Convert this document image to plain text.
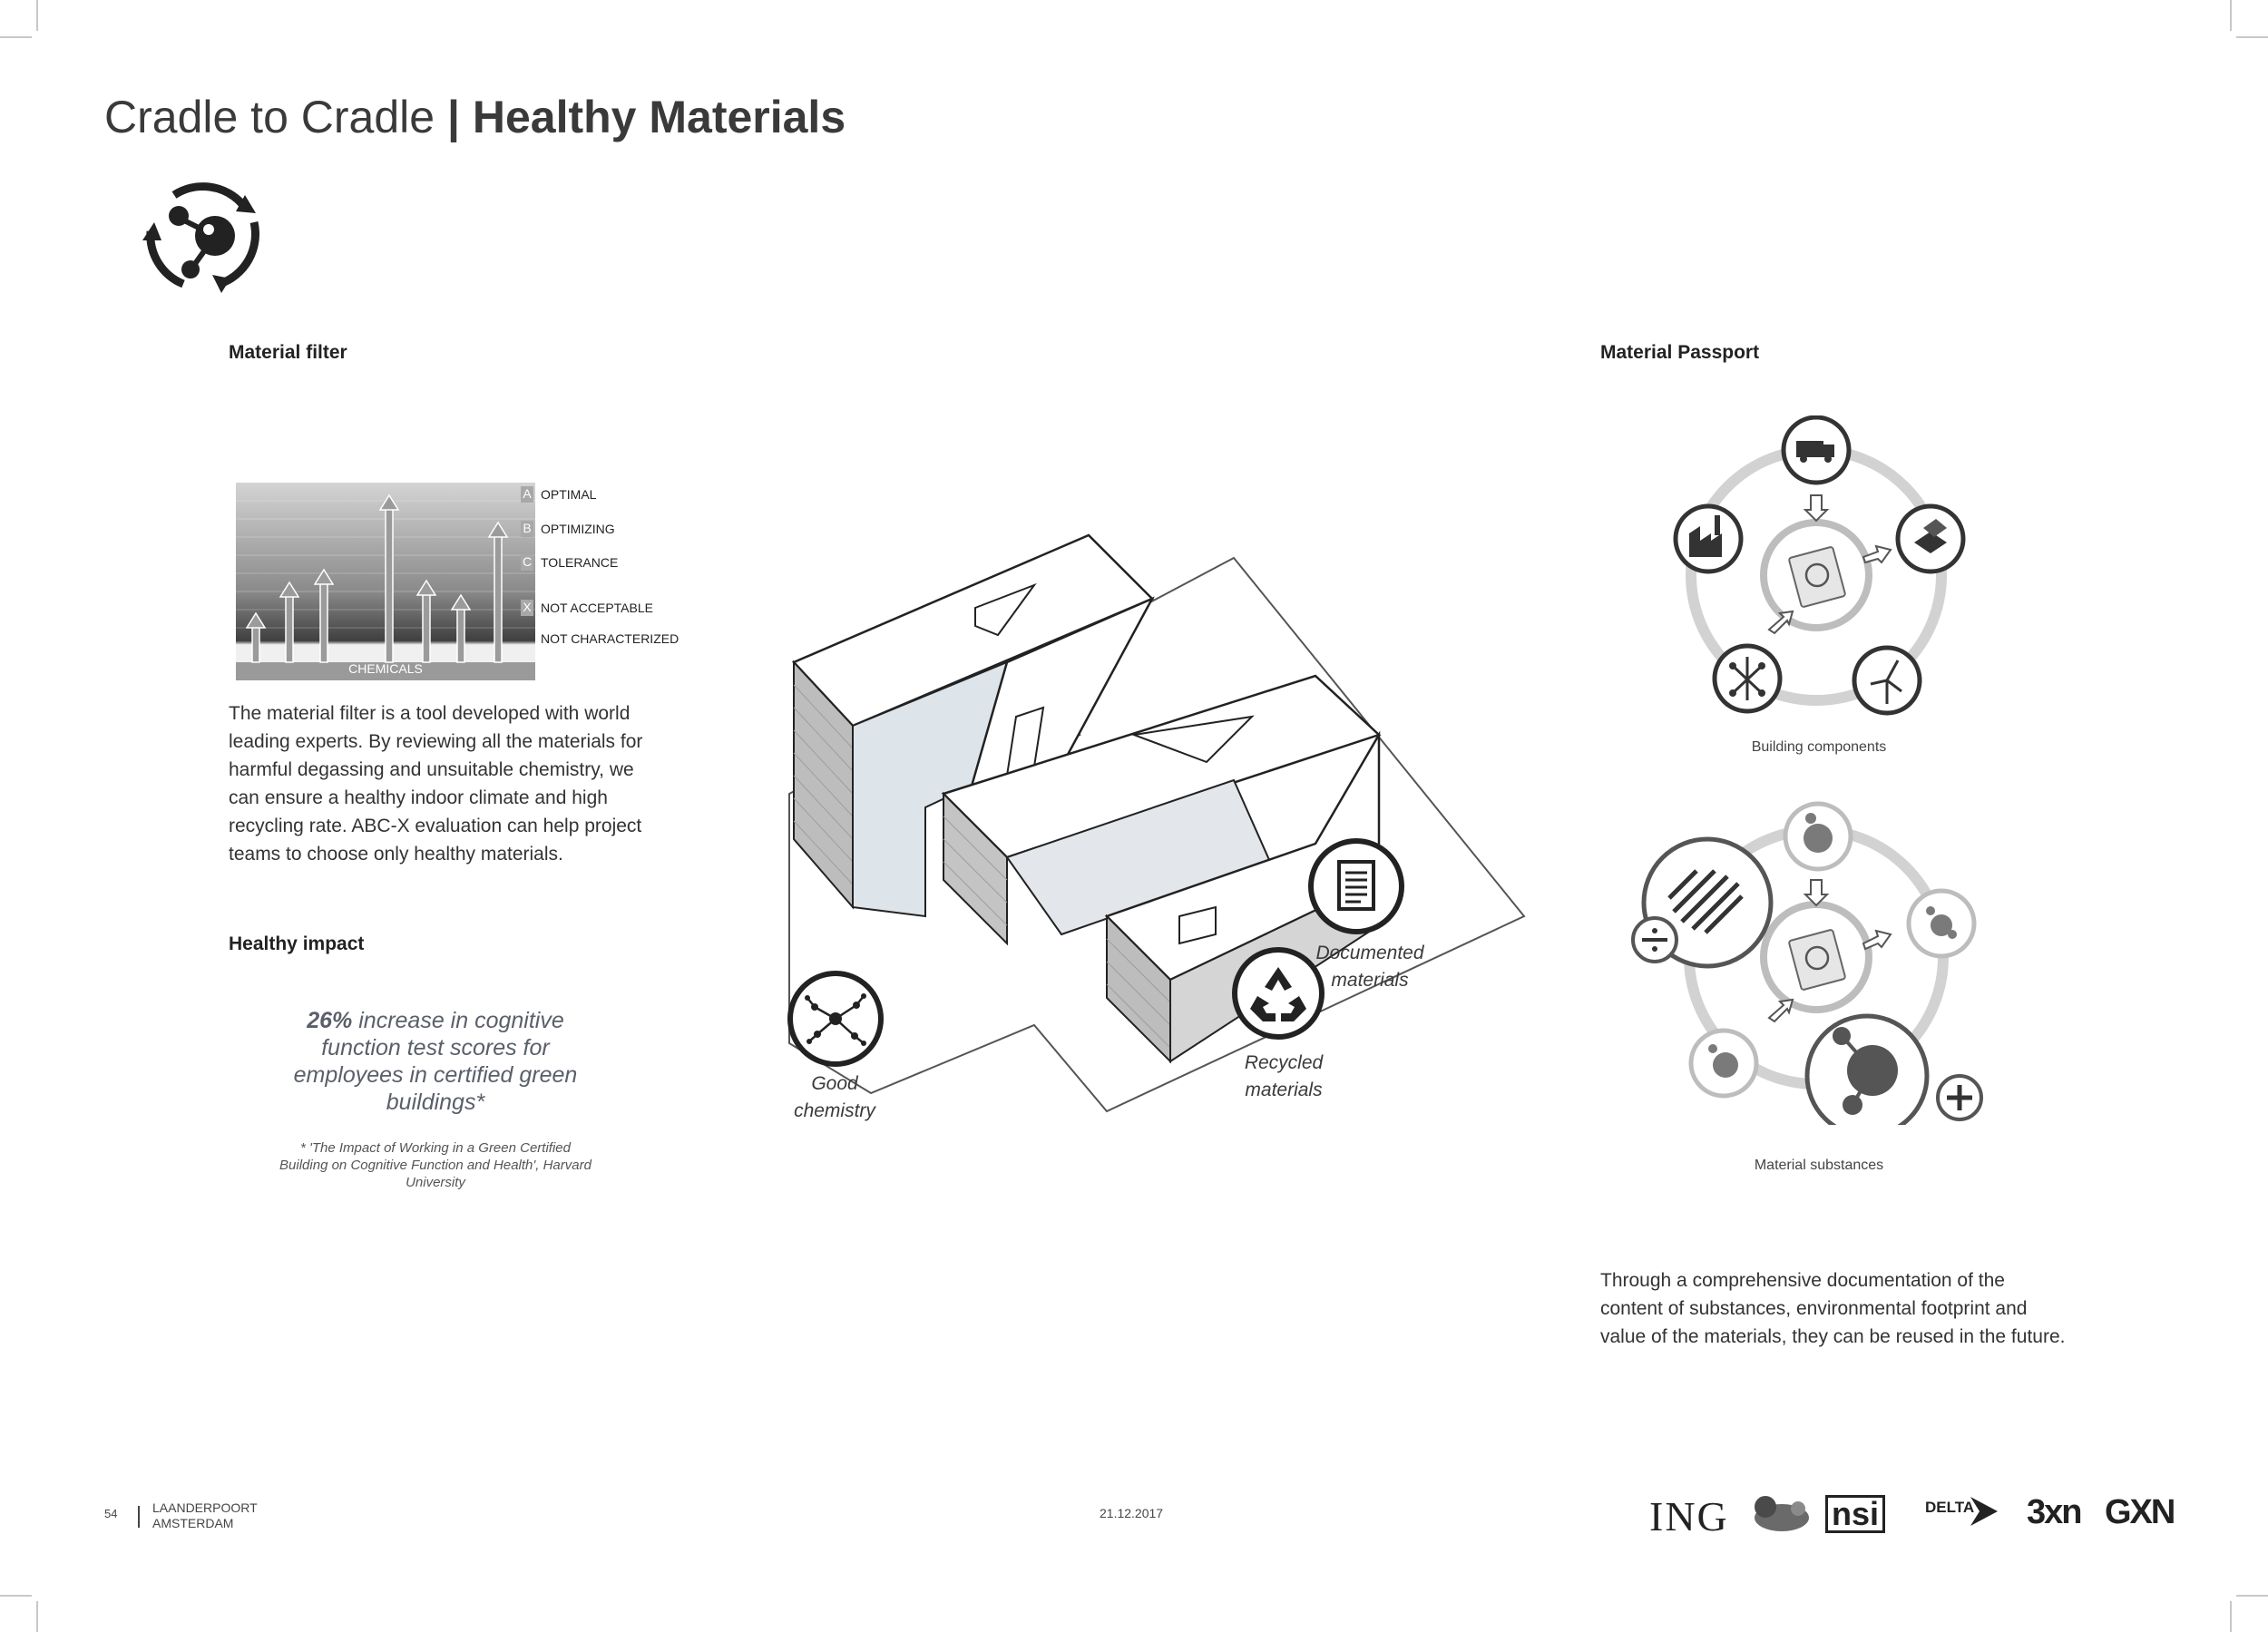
Cradle to Cradle | Healthy Materials
Material filter
CHEMICALS
A OPTIMAL
B OPTIMIZING
C TOLERANCE
X NOT ACCEPTABLE
NOT CHARACTERIZED
The material filter is a tool developed with world leading experts. By reviewing all the materials for harmful degassing and unsuitable chemistry, we can ensure a healthy indoor climate and high recycling rate. ABC-X evaluation can help project teams to choose only healthy materials.
Healthy impact
26% increase in cognitive function test scores for employees in certified green buildings*
* 'The Impact of Working in a Green Certified Building on Cognitive Function and Health', Harvard University
Good chemistry
Documented materials
Recycled materials
Material Passport
Building components
Material substances
Through a comprehensive documentation of the content of substances, environmental footprint and value of the materials, they can be reused in the future.
54	LAANDERPOORT
AMSTERDAM
21.12.2017	ING	nsi	DELTA 3xn GXN
